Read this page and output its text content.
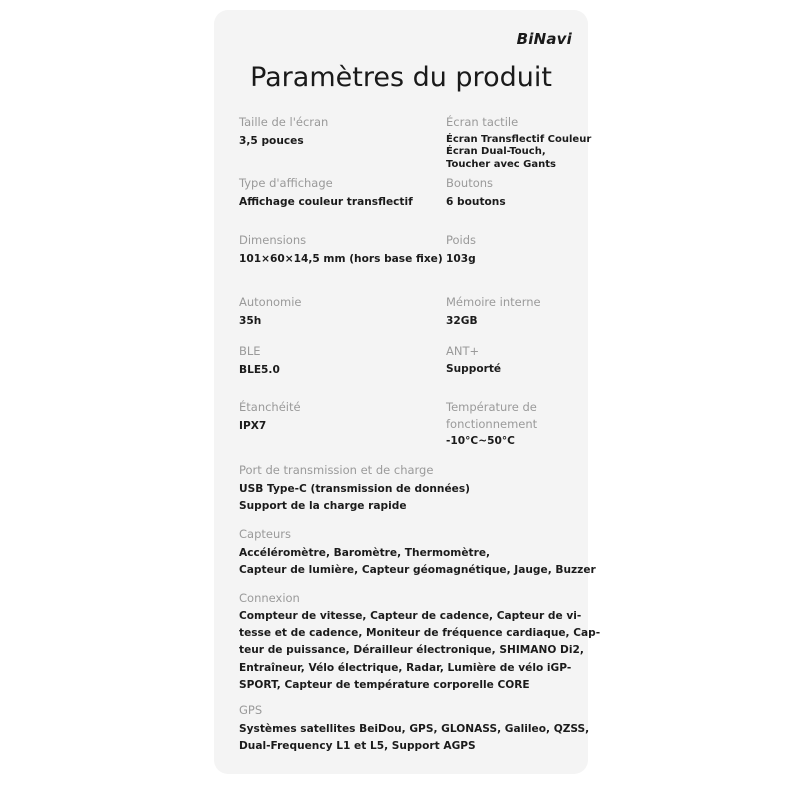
BiNavi
Paramètres du produit
Taille de l'écran
3,5 pouces
Écran tactile
Écran Transflectif Couleur
Écran Dual-Touch,
Toucher avec Gants
Type d'affichage
Affichage couleur transflectif
Boutons
6 boutons
Dimensions
101×60×14,5 mm (hors base fixe)
Poids
103g
Autonomie
35h
Mémoire interne
32GB
BLE
BLE5.0
ANT+
Supporté
Étanchéité
IPX7
Température de
fonctionnement
-10°C~50°C
Port de transmission et de charge
USB Type-C (transmission de données)
Support de la charge rapide
Capteurs
Accéléromètre, Baromètre, Thermomètre,
Capteur de lumière, Capteur géomagnétique, Jauge, Buzzer
Connexion
Compteur de vitesse, Capteur de cadence, Capteur de vi-
tesse et de cadence, Moniteur de fréquence cardiaque, Cap-
teur de puissance, Dérailleur électronique, SHIMANO Di2,
Entraîneur, Vélo électrique, Radar, Lumière de vélo iGP-
SPORT, Capteur de température corporelle CORE
GPS
Systèmes satellites BeiDou, GPS, GLONASS, Galileo, QZSS,
Dual-Frequency L1 et L5, Support AGPS
